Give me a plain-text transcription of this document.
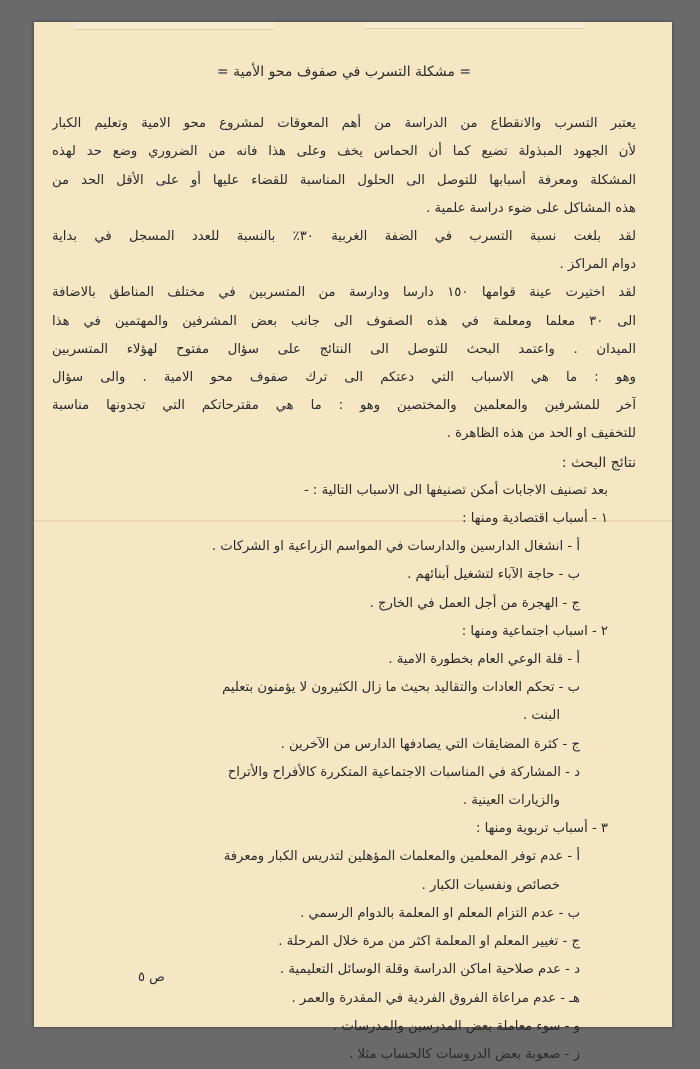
= مشكلة التسرب في صفوف محو الأمية =
يعتبر التسرب والانقطاع من الدراسة من أهم المعوقات لمشروع محو الامية وتعليم الكبار
لأن الجهود المبذولة تضيع كما أن الحماس يخف وعلى هذا فانه من الضروري وضع حد لهذه
المشكلة ومعرفة أسبابها للتوصل الى الحلول المناسبة للقضاء عليها أو على الأقل الحد من
هذه المشاكل على ضوء دراسة علمية .
لقد بلغت نسبة التسرب في الضفة الغربية ٣٠٪ بالنسبة للعدد المسجل في بداية
دوام المراكز .
لقد اختيرت عينة قوامها ١٥٠ دارسا ودارسة من المتسربين في مختلف المناطق بالاضافة
الى ٣٠ معلما ومعلمة في هذه الصفوف الى جانب بعض المشرفين والمهتمين في هذا
الميدان . واعتمد البحث للتوصل الى النتائج على سؤال مفتوح لهؤلاء المتسربين
وهو : ما هي الاسباب التي دعتكم الى ترك صفوف محو الامية . والى سؤال
آخر للمشرفين والمعلمين والمختصين وهو : ما هي مقترحاتكم التي تجدونها مناسبة
للتخفيف او الحد من هذه الظاهرة .
نتائج البحث :
بعد تصنيف الاجابات أمكن تصنيفها الى الاسباب التالية : -
١ - أسباب اقتصادية ومنها :
أ - انشغال الدارسين والدارسات في المواسم الزراعية او الشركات .
ب - حاجة الآباء لتشغيل أبنائهم .
ج - الهجرة من أجل العمل في الخارج .
٢ - اسباب اجتماعية ومنها :
أ - قلة الوعي العام بخطورة الامية .
ب - تحكم العادات والتقاليد بحيث ما زال الكثيرون لا يؤمنون بتعليم
البنت .
ج - كثرة المضايقات التي يصادفها الدارس من الآخرين .
د - المشاركة في المناسبات الاجتماعية المتكررة كالأفراح والأتراح
والزيارات العينية .
٣ - أسباب تربوية ومنها :
أ - عدم توفر المعلمين والمعلمات المؤهلين لتدريس الكبار ومعرفة
خصائص ونفسيات الكبار .
ب - عدم التزام المعلم او المعلمة بالدوام الرسمي .
ج - تغيير المعلم او المعلمة اكثر من مرة خلال المرحلة .
د - عدم صلاحية اماكن الدراسة وقلة الوسائل التعليمية .
هـ - عدم مراعاة الفروق الفردية في المقدرة والعمر .
و - سوء معاملة بعض المدرسين والمدرسات .
ز - صعوبة بعض الدروسات كالحساب مثلا .
ص ٥
